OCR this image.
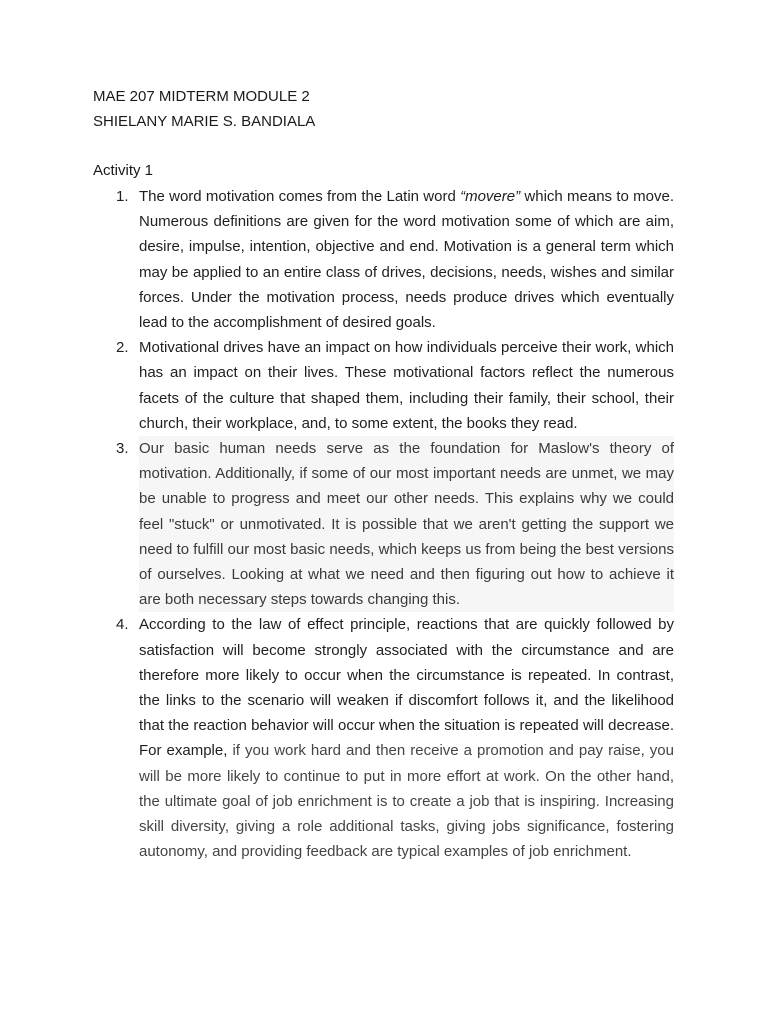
MAE 207 MIDTERM MODULE 2
SHIELANY MARIE S. BANDIALA
Activity 1
1. The word motivation comes from the Latin word “movere” which means to move. Numerous definitions are given for the word motivation some of which are aim, desire, impulse, intention, objective and end. Motivation is a general term which may be applied to an entire class of drives, decisions, needs, wishes and similar forces. Under the motivation process, needs produce drives which eventually lead to the accomplishment of desired goals.
2. Motivational drives have an impact on how individuals perceive their work, which has an impact on their lives. These motivational factors reflect the numerous facets of the culture that shaped them, including their family, their school, their church, their workplace, and, to some extent, the books they read.
3. Our basic human needs serve as the foundation for Maslow's theory of motivation. Additionally, if some of our most important needs are unmet, we may be unable to progress and meet our other needs. This explains why we could feel "stuck" or unmotivated. It is possible that we aren't getting the support we need to fulfill our most basic needs, which keeps us from being the best versions of ourselves. Looking at what we need and then figuring out how to achieve it are both necessary steps towards changing this.
4. According to the law of effect principle, reactions that are quickly followed by satisfaction will become strongly associated with the circumstance and are therefore more likely to occur when the circumstance is repeated. In contrast, the links to the scenario will weaken if discomfort follows it, and the likelihood that the reaction behavior will occur when the situation is repeated will decrease. For example, if you work hard and then receive a promotion and pay raise, you will be more likely to continue to put in more effort at work. On the other hand, the ultimate goal of job enrichment is to create a job that is inspiring. Increasing skill diversity, giving a role additional tasks, giving jobs significance, fostering autonomy, and providing feedback are typical examples of job enrichment.
